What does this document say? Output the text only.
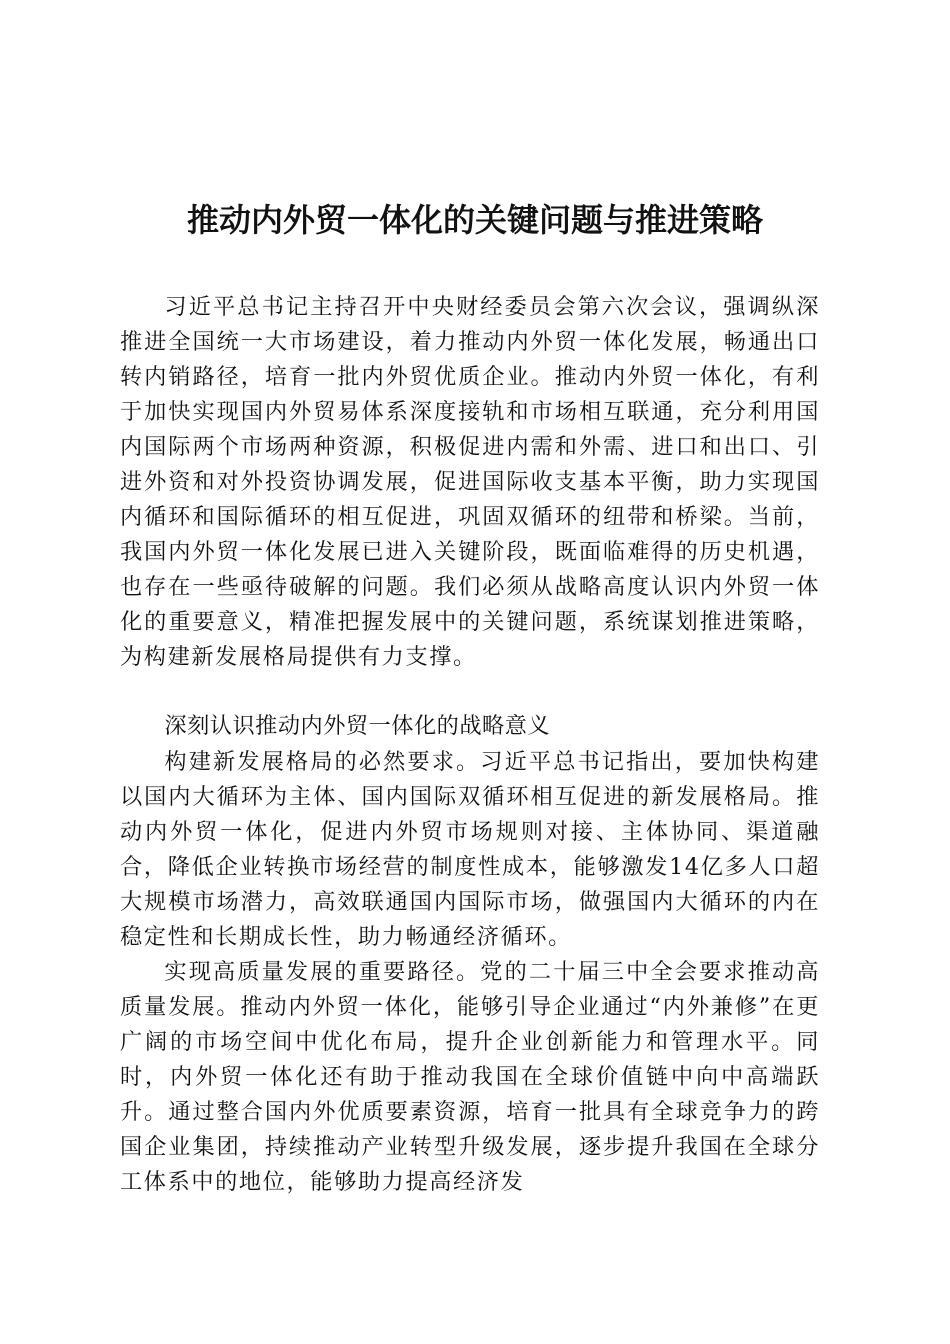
推动内外贸一体化的关键问题与推进策略

习近平总书记主持召开中央财经委员会第六次会议，强调纵深推进全国统一大市场建设，着力推动内外贸一体化发展，畅通出口转内销路径，培育一批内外贸优质企业。推动内外贸一体化，有利于加快实现国内外贸易体系深度接轨和市场相互联通，充分利用国内国际两个市场两种资源，积极促进内需和外需、进口和出口、引进外资和对外投资协调发展，促进国际收支基本平衡，助力实现国内循环和国际循环的相互促进，巩固双循环的纽带和桥梁。当前，我国内外贸一体化发展已进入关键阶段，既面临难得的历史机遇，也存在一些亟待破解的问题。我们必须从战略高度认识内外贸一体化的重要意义，精准把握发展中的关键问题，系统谋划推进策略，为构建新发展格局提供有力支撑。

深刻认识推动内外贸一体化的战略意义

构建新发展格局的必然要求。习近平总书记指出，要加快构建以国内大循环为主体、国内国际双循环相互促进的新发展格局。推动内外贸一体化，促进内外贸市场规则对接、主体协同、渠道融合，降低企业转换市场经营的制度性成本，能够激发14亿多人口超大规模市场潜力，高效联通国内国际市场，做强国内大循环的内在稳定性和长期成长性，助力畅通经济循环。

实现高质量发展的重要路径。党的二十届三中全会要求推动高质量发展。推动内外贸一体化，能够引导企业通过“内外兼修”在更广阔的市场空间中优化布局，提升企业创新能力和管理水平。同时，内外贸一体化还有助于推动我国在全球价值链中向中高端跃升。通过整合国内外优质要素资源，培育一批具有全球竞争力的跨国企业集团，持续推动产业转型升级发展，逐步提升我国在全球分工体系中的地位，能够助力提高经济发
